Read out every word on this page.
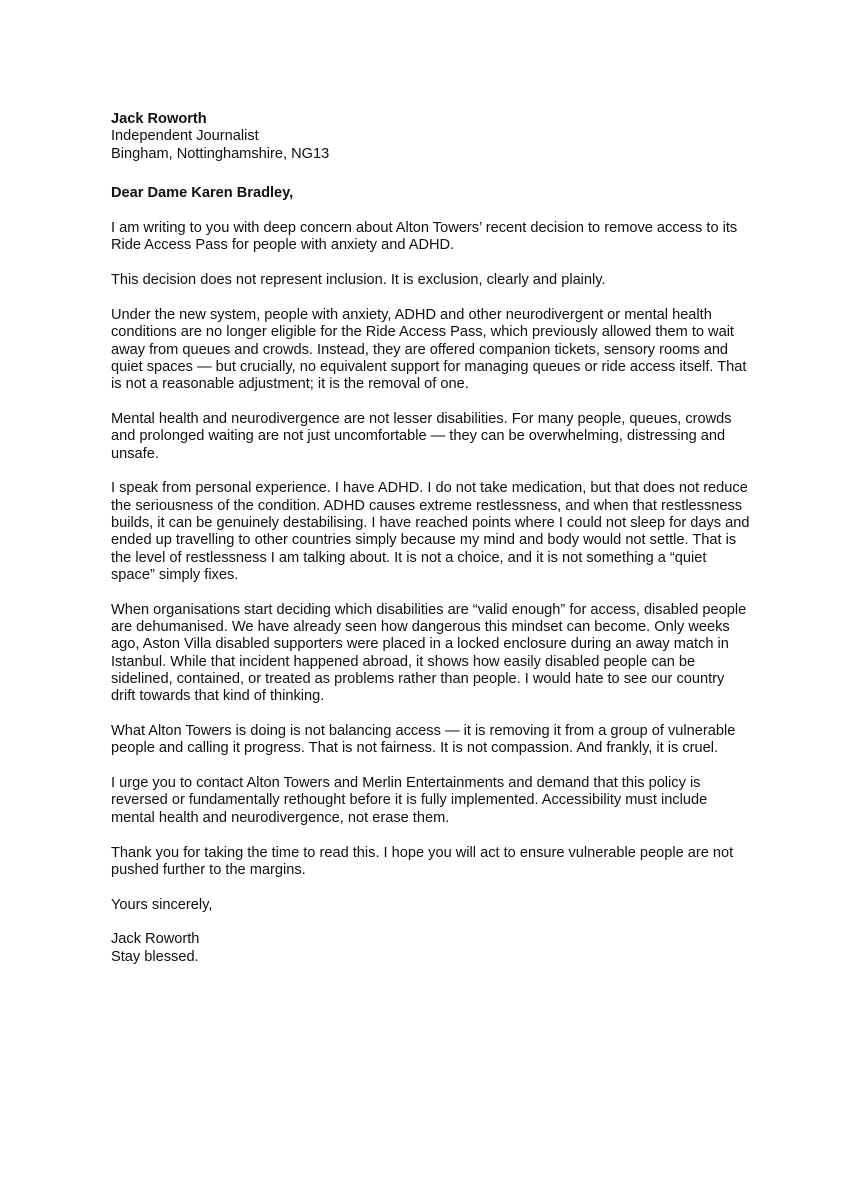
Jack Roworth
Independent Journalist
Bingham, Nottinghamshire, NG13

Dear Dame Karen Bradley,

I am writing to you with deep concern about Alton Towers’ recent decision to remove access to its Ride Access Pass for people with anxiety and ADHD.

This decision does not represent inclusion. It is exclusion, clearly and plainly.

Under the new system, people with anxiety, ADHD and other neurodivergent or mental health conditions are no longer eligible for the Ride Access Pass, which previously allowed them to wait away from queues and crowds. Instead, they are offered companion tickets, sensory rooms and quiet spaces — but crucially, no equivalent support for managing queues or ride access itself. That is not a reasonable adjustment; it is the removal of one.

Mental health and neurodivergence are not lesser disabilities. For many people, queues, crowds and prolonged waiting are not just uncomfortable — they can be overwhelming, distressing and unsafe.

I speak from personal experience. I have ADHD. I do not take medication, but that does not reduce the seriousness of the condition. ADHD causes extreme restlessness, and when that restlessness builds, it can be genuinely destabilising. I have reached points where I could not sleep for days and ended up travelling to other countries simply because my mind and body would not settle. That is the level of restlessness I am talking about. It is not a choice, and it is not something a “quiet space” simply fixes.

When organisations start deciding which disabilities are “valid enough” for access, disabled people are dehumanised. We have already seen how dangerous this mindset can become. Only weeks ago, Aston Villa disabled supporters were placed in a locked enclosure during an away match in Istanbul. While that incident happened abroad, it shows how easily disabled people can be sidelined, contained, or treated as problems rather than people. I would hate to see our country drift towards that kind of thinking.

What Alton Towers is doing is not balancing access — it is removing it from a group of vulnerable people and calling it progress. That is not fairness. It is not compassion. And frankly, it is cruel.

I urge you to contact Alton Towers and Merlin Entertainments and demand that this policy is reversed or fundamentally rethought before it is fully implemented. Accessibility must include mental health and neurodivergence, not erase them.

Thank you for taking the time to read this. I hope you will act to ensure vulnerable people are not pushed further to the margins.

Yours sincerely,

Jack Roworth
Stay blessed.
